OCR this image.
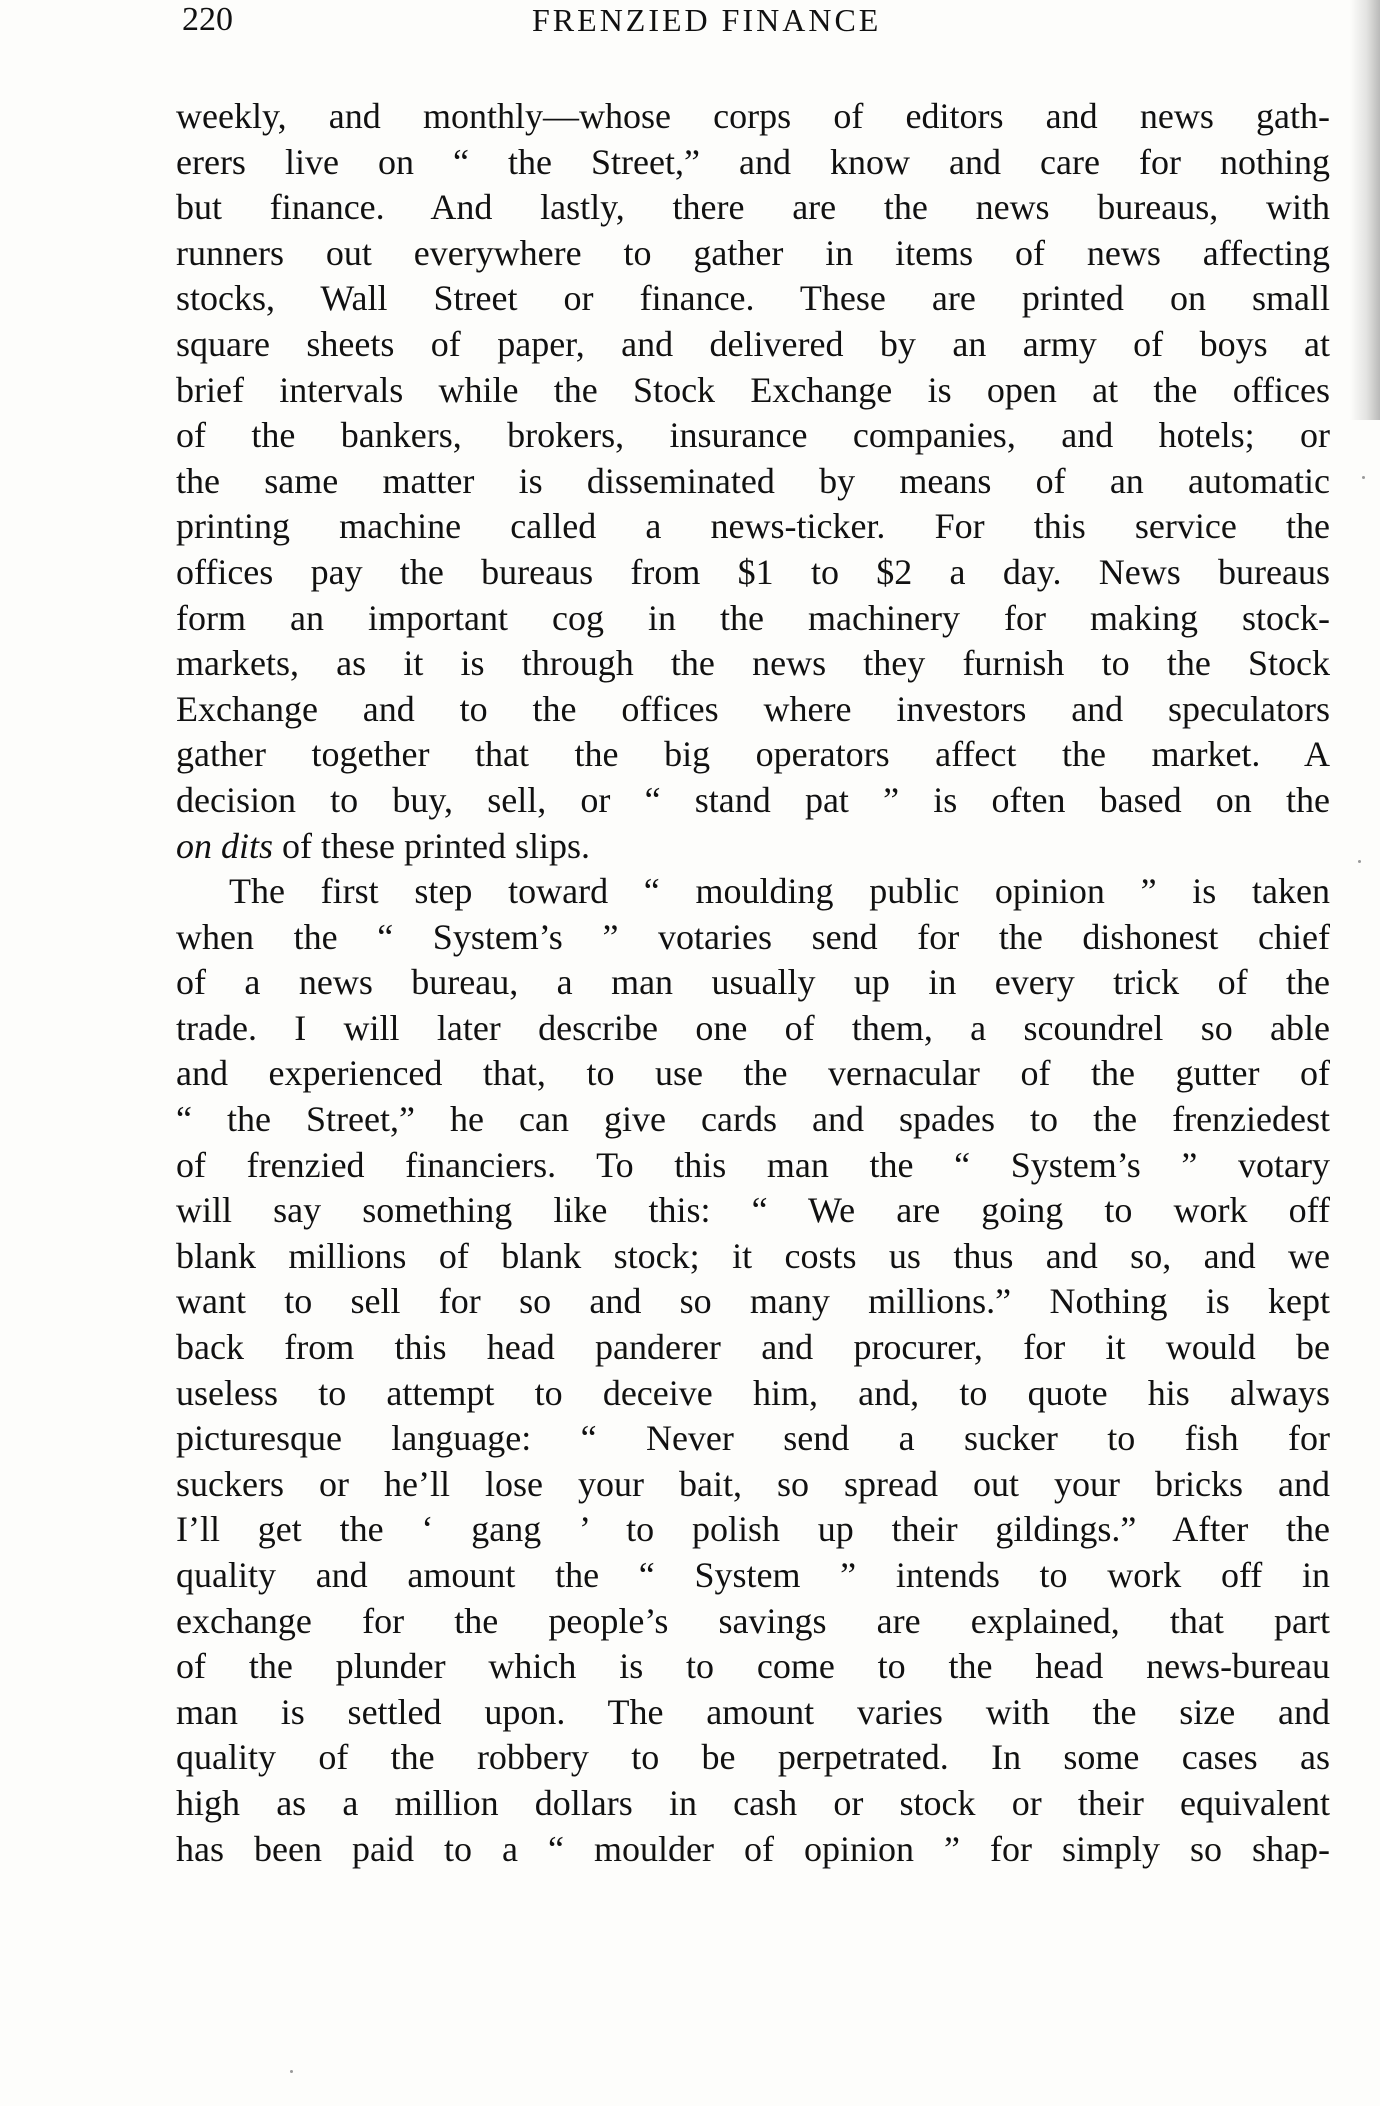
220	FRENZIED FINANCE
weekly, and monthly—whose corps of editors and news gath-
erers live on “ the Street,” and know and care for nothing
but finance. And lastly, there are the news bureaus, with
runners out everywhere to gather in items of news affecting
stocks, Wall Street or finance. These are printed on small
square sheets of paper, and delivered by an army of boys at
brief intervals while the Stock Exchange is open at the offices
of the bankers, brokers, insurance companies, and hotels; or
the same matter is disseminated by means of an automatic
printing machine called a news-ticker. For this service the
offices pay the bureaus from $1 to $2 a day. News bureaus
form an important cog in the machinery for making stock-
markets, as it is through the news they furnish to the Stock
Exchange and to the offices where investors and speculators
gather together that the big operators affect the market. A
decision to buy, sell, or “ stand pat ” is often based on the
on dits of these printed slips.
The first step toward “ moulding public opinion ” is taken
when the “ System’s ” votaries send for the dishonest chief
of a news bureau, a man usually up in every trick of the
trade. I will later describe one of them, a scoundrel so able
and experienced that, to use the vernacular of the gutter of
“ the Street,” he can give cards and spades to the frenziedest
of frenzied financiers. To this man the “ System’s ” votary
will say something like this: “ We are going to work off
blank millions of blank stock; it costs us thus and so, and we
want to sell for so and so many millions.” Nothing is kept
back from this head panderer and procurer, for it would be
useless to attempt to deceive him, and, to quote his always
picturesque language: “ Never send a sucker to fish for
suckers or he’ll lose your bait, so spread out your bricks and
I’ll get the ‘ gang ’ to polish up their gildings.” After the
quality and amount the “ System ” intends to work off in
exchange for the people’s savings are explained, that part
of the plunder which is to come to the head news-bureau
man is settled upon. The amount varies with the size and
quality of the robbery to be perpetrated. In some cases as
high as a million dollars in cash or stock or their equivalent
has been paid to a “ moulder of opinion ” for simply so shap-
